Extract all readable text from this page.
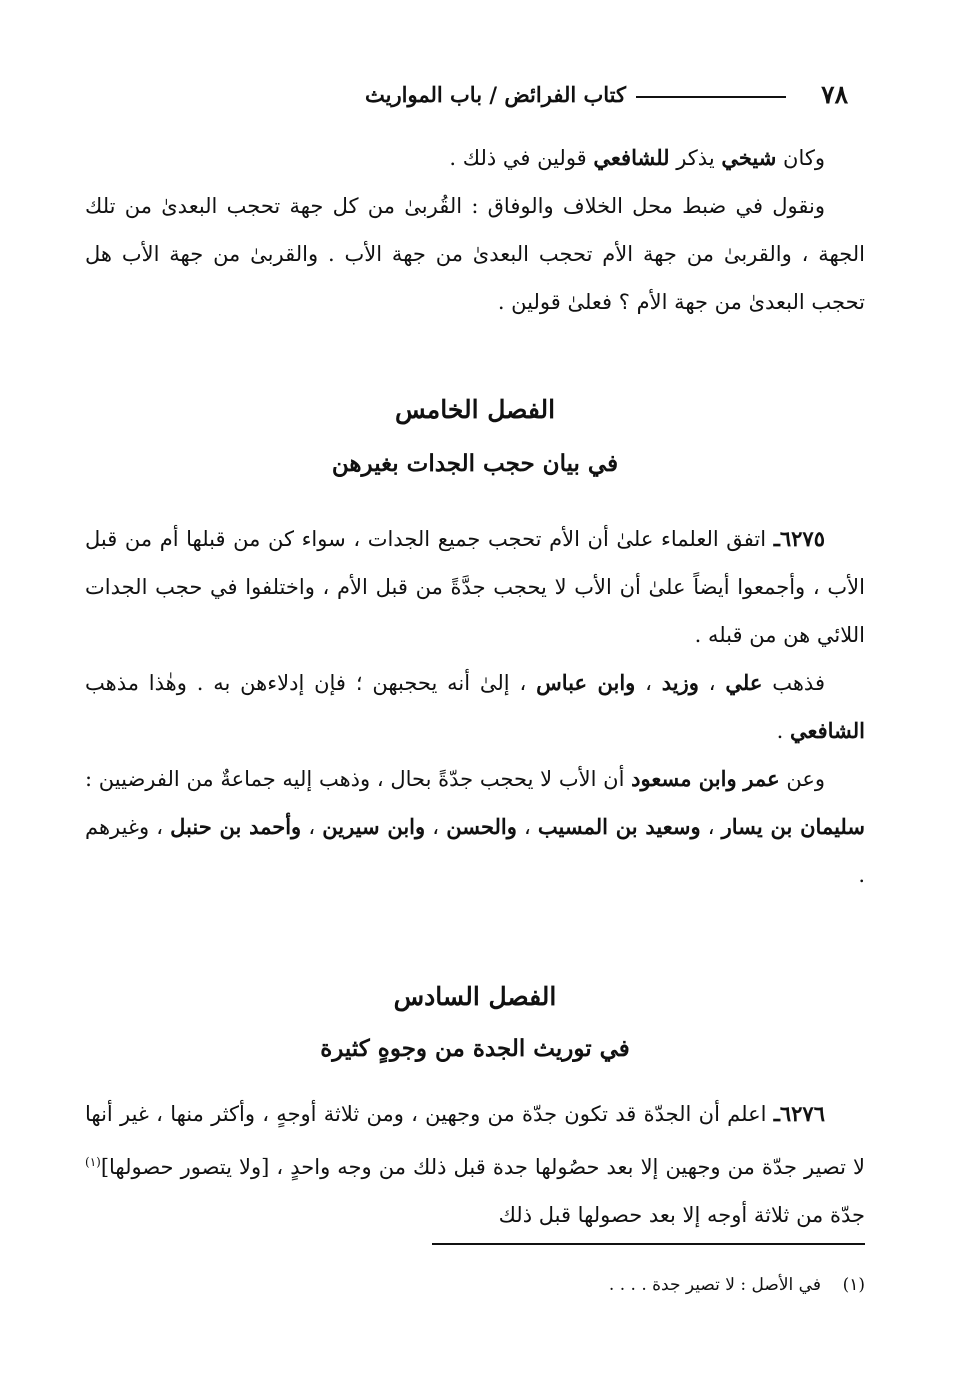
٧٨
كتاب الفرائض / باب المواريث

وكان شيخي يذكر للشافعي قولين في ذلك .

ونقول في ضبط محل الخلاف والوفاق : القُربىٰ من كل جهة تحجب البعدىٰ من تلك الجهة ، والقربىٰ من جهة الأم تحجب البعدىٰ من جهة الأب . والقربىٰ من جهة الأب هل تحجب البعدىٰ من جهة الأم ؟ فعلىٰ قولين .

الفصل الخامس
في بيان حجب الجدات بغيرهن

٦٢٧٥ـ اتفق العلماء علىٰ أن الأم تحجب جميع الجدات ، سواء كن من قبلها أم من قبل الأب ، وأجمعوا أيضاً علىٰ أن الأب لا يحجب جدَّةً من قبل الأم ، واختلفوا في حجب الجدات اللائي هن من قبله .

فذهب علي ، وزيد ، وابن عباس ، إلىٰ أنه يحجبهن ؛ فإن إدلاءهن به . وهٰذا مذهب الشافعي .

وعن عمر وابن مسعود أن الأب لا يحجب جدّةً بحال ، وذهب إليه جماعةٌ من الفرضيين : سليمان بن يسار ، وسعيد بن المسيب ، والحسن ، وابن سيرين ، وأحمد بن حنبل ، وغيرهم .

الفصل السادس
في توريث الجدة من وجوهٍ كثيرة

٦٢٧٦ـ اعلم أن الجدّة قد تكون جدّة من وجهين ، ومن ثلاثة أوجهٍ ، وأكثر منها ، غير أنها لا تصير جدّة من وجهين إلا بعد حصُولها جدة قبل ذلك من وجه واحدٍ ، [ولا يتصور حصولها]$^{(١)}$ جدّة من ثلاثة أوجه إلا بعد حصولها قبل ذلك

(١)    في الأصل : لا تصير جدة . . . .
